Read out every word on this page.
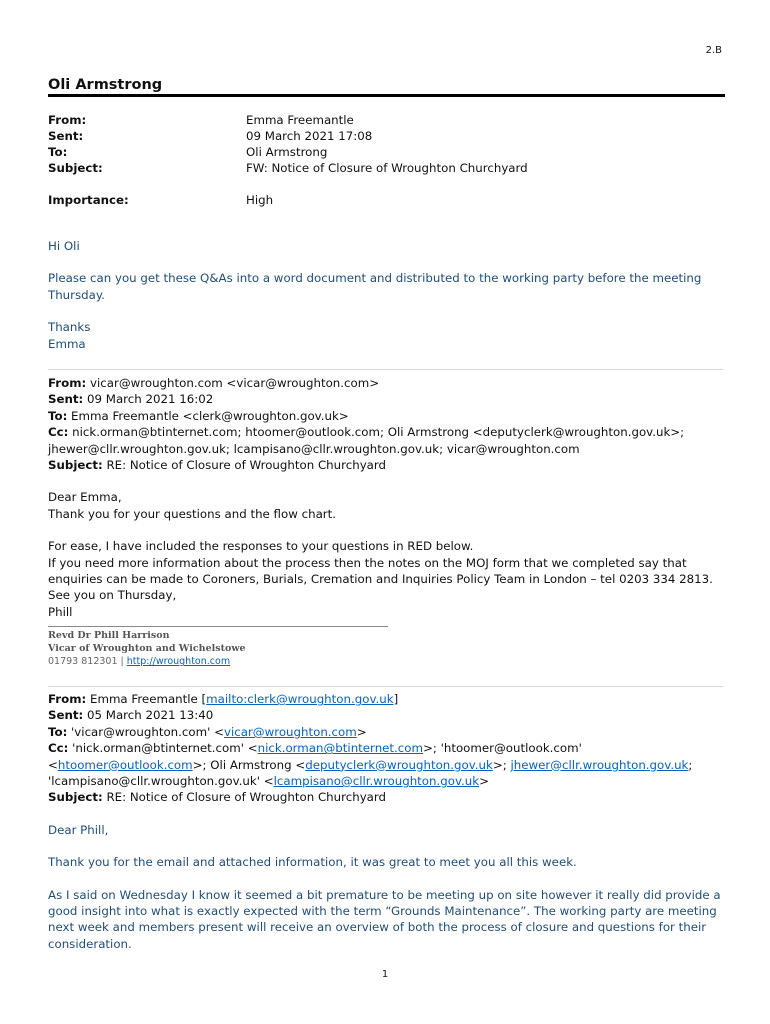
2.B
Oli Armstrong
From:	Emma Freemantle
Sent:	09 March 2021 17:08
To:	Oli Armstrong
Subject:	FW: Notice of Closure of Wroughton Churchyard
Importance:	High

Hi Oli

Please can you get these Q&As into a word document and distributed to the working party before the meeting Thursday.

Thanks

Emma

From: vicar@wroughton.com <vicar@wroughton.com>

Sent: 09 March 2021 16:02

To: Emma Freemantle <clerk@wroughton.gov.uk>

Cc: nick.orman@btinternet.com; htoomer@outlook.com; Oli Armstrong <deputyclerk@wroughton.gov.uk>; jhewer@cllr.wroughton.gov.uk; lcampisano@cllr.wroughton.gov.uk; vicar@wroughton.com

Subject: RE: Notice of Closure of Wroughton Churchyard

Dear Emma,

Thank you for your questions and the flow chart.

For ease, I have included the responses to your questions in RED below.

If you need more information about the process then the notes on the MOJ form that we completed say that enquiries can be made to Coroners, Burials, Cremation and Inquiries Policy Team in London – tel 0203 334 2813.

See you on Thursday,

Phill

Revd Dr Phill Harrison
Vicar of Wroughton and Wichelstowe
01793 812301 | http://wroughton.com

From: Emma Freemantle [mailto:clerk@wroughton.gov.uk]

Sent: 05 March 2021 13:40

To: 'vicar@wroughton.com' <vicar@wroughton.com>

Cc: 'nick.orman@btinternet.com' <nick.orman@btinternet.com>; 'htoomer@outlook.com' <htoomer@outlook.com>; Oli Armstrong <deputyclerk@wroughton.gov.uk>; jhewer@cllr.wroughton.gov.uk; 'lcampisano@cllr.wroughton.gov.uk' <lcampisano@cllr.wroughton.gov.uk>

Subject: RE: Notice of Closure of Wroughton Churchyard

Dear Phill,

Thank you for the email and attached information, it was great to meet you all this week.

As I said on Wednesday I know it seemed a bit premature to be meeting up on site however it really did provide a good insight into what is exactly expected with the term “Grounds Maintenance”. The working party are meeting next week and members present will receive an overview of both the process of closure and questions for their consideration.

1
